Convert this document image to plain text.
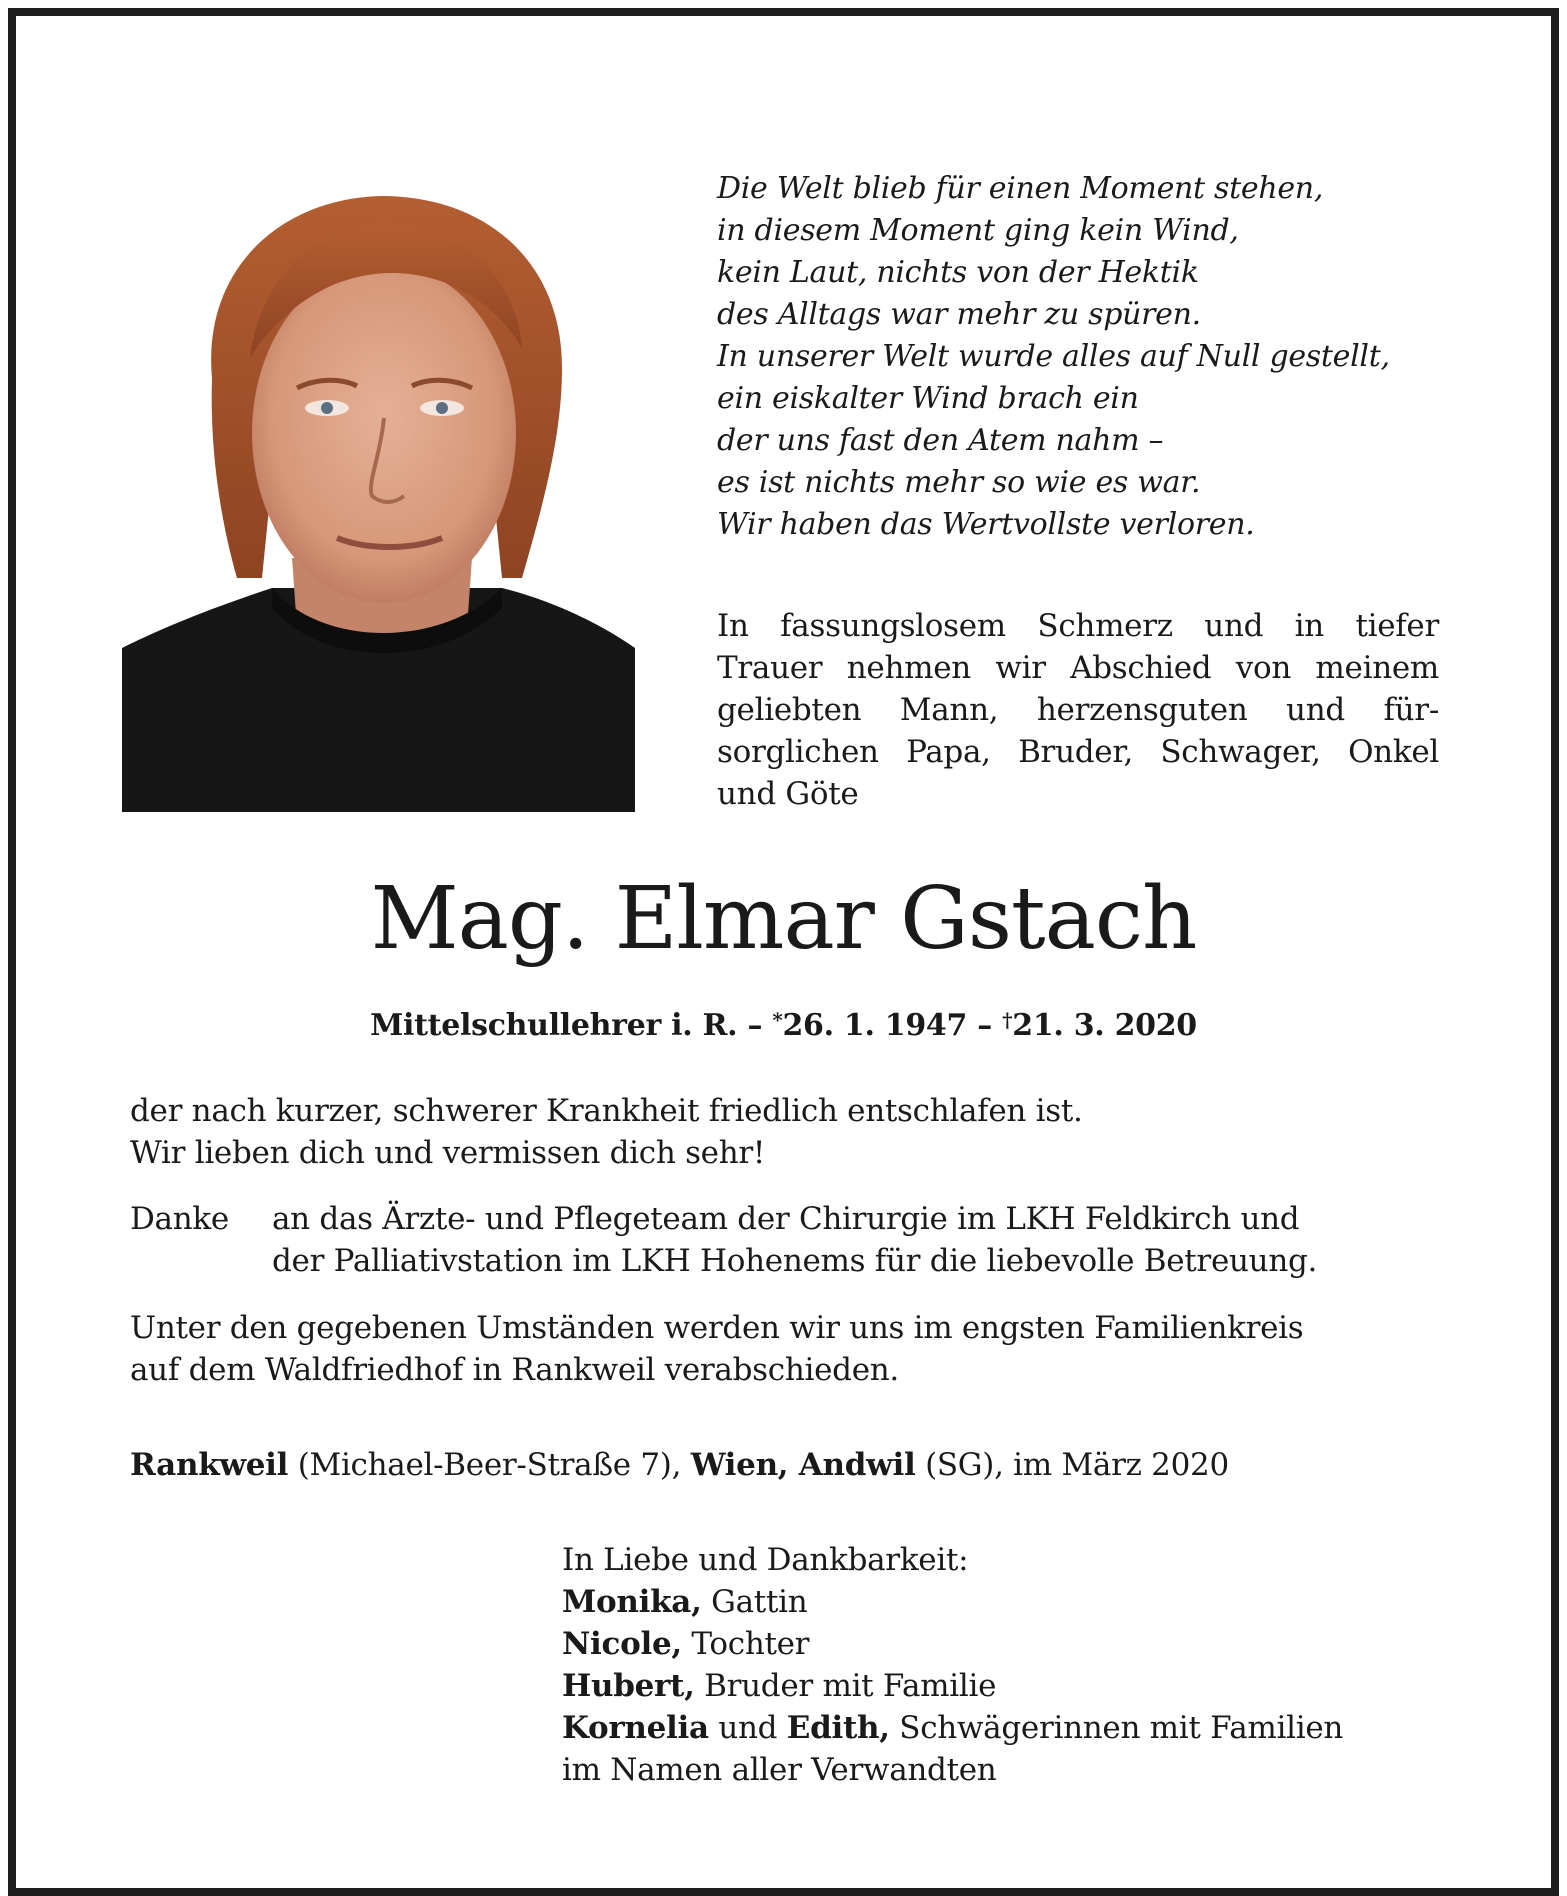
Die Welt blieb für einen Moment stehen,
in diesem Moment ging kein Wind,
kein Laut, nichts von der Hektik
des Alltags war mehr zu spüren.
In unserer Welt wurde alles auf Null gestellt,
ein eiskalter Wind brach ein
der uns fast den Atem nahm –
es ist nichts mehr so wie es war.
Wir haben das Wertvollste verloren.
In fassungslosem Schmerz und in tiefer
Trauer nehmen wir Abschied von meinem
geliebten Mann, herzensguten und für-
sorglichen Papa, Bruder, Schwager, Onkel
und Göte
Mag. Elmar Gstach
Mittelschullehrer i. R. – *26. 1. 1947 – †21. 3. 2020
der nach kurzer, schwerer Krankheit friedlich entschlafen ist.
Wir lieben dich und vermissen dich sehr!
Danke	an das Ärzte- und Pflegeteam der Chirurgie im LKH Feldkirch und
der Palliativstation im LKH Hohenems für die liebevolle Betreuung.
Unter den gegebenen Umständen werden wir uns im engsten Familienkreis
auf dem Waldfriedhof in Rankweil verabschieden.
Rankweil (Michael-Beer-Straße 7), Wien, Andwil (SG), im März 2020
In Liebe und Dankbarkeit:
Monika, Gattin
Nicole, Tochter
Hubert, Bruder mit Familie
Kornelia und Edith, Schwägerinnen mit Familien
im Namen aller Verwandten
